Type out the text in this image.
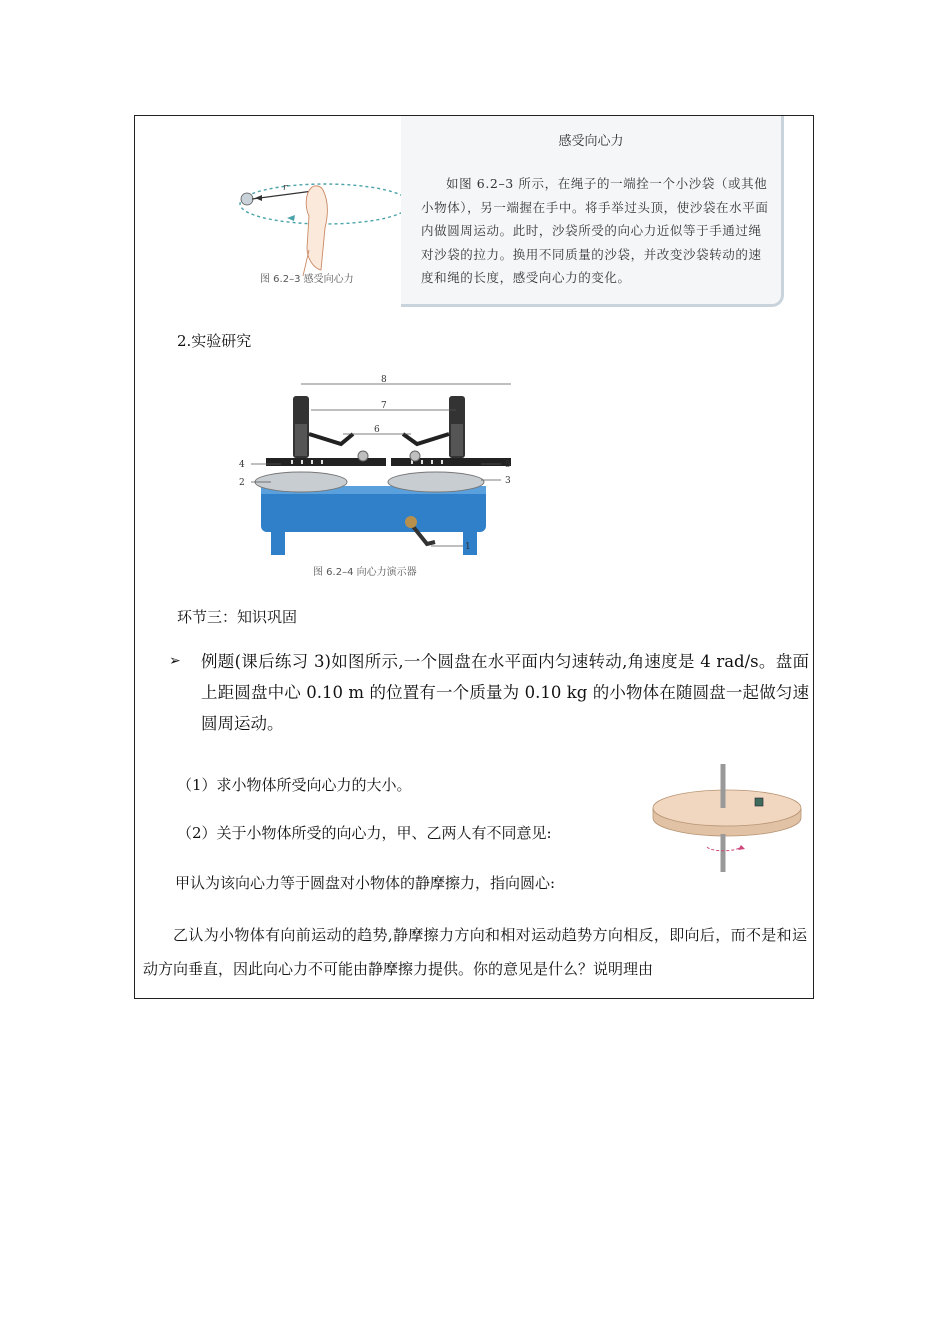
r
图 6.2–3 感受向心力
感受向心力
如图 6.2–3 所示，在绳子的一端拴一个小沙袋（或其他小物体），另一端握在手中。将手举过头顶，使沙袋在水平面内做圆周运动。此时，沙袋所受的向心力近似等于手通过绳对沙袋的拉力。换用不同质量的沙袋，并改变沙袋转动的速度和绳的长度，感受向心力的变化。
2.实验研究
8
7
6
4
2
5
3
1
图 6.2–4 向心力演示器
环节三：知识巩固
➢ 例题(课后练习 3)如图所示,一个圆盘在水平面内匀速转动,角速度是 4 rad/s。盘面上距圆盘中心 0.10 m 的位置有一个质量为 0.10 kg 的小物体在随圆盘一起做匀速圆周运动。
（1）求小物体所受向心力的大小。
（2）关于小物体所受的向心力，甲、乙两人有不同意见:
甲认为该向心力等于圆盘对小物体的静摩擦力，指向圆心:
乙认为小物体有向前运动的趋势,静摩擦力方向和相对运动趋势方向相反，即向后，而不是和运动方向垂直，因此向心力不可能由静摩擦力提供。你的意见是什么？说明理由
